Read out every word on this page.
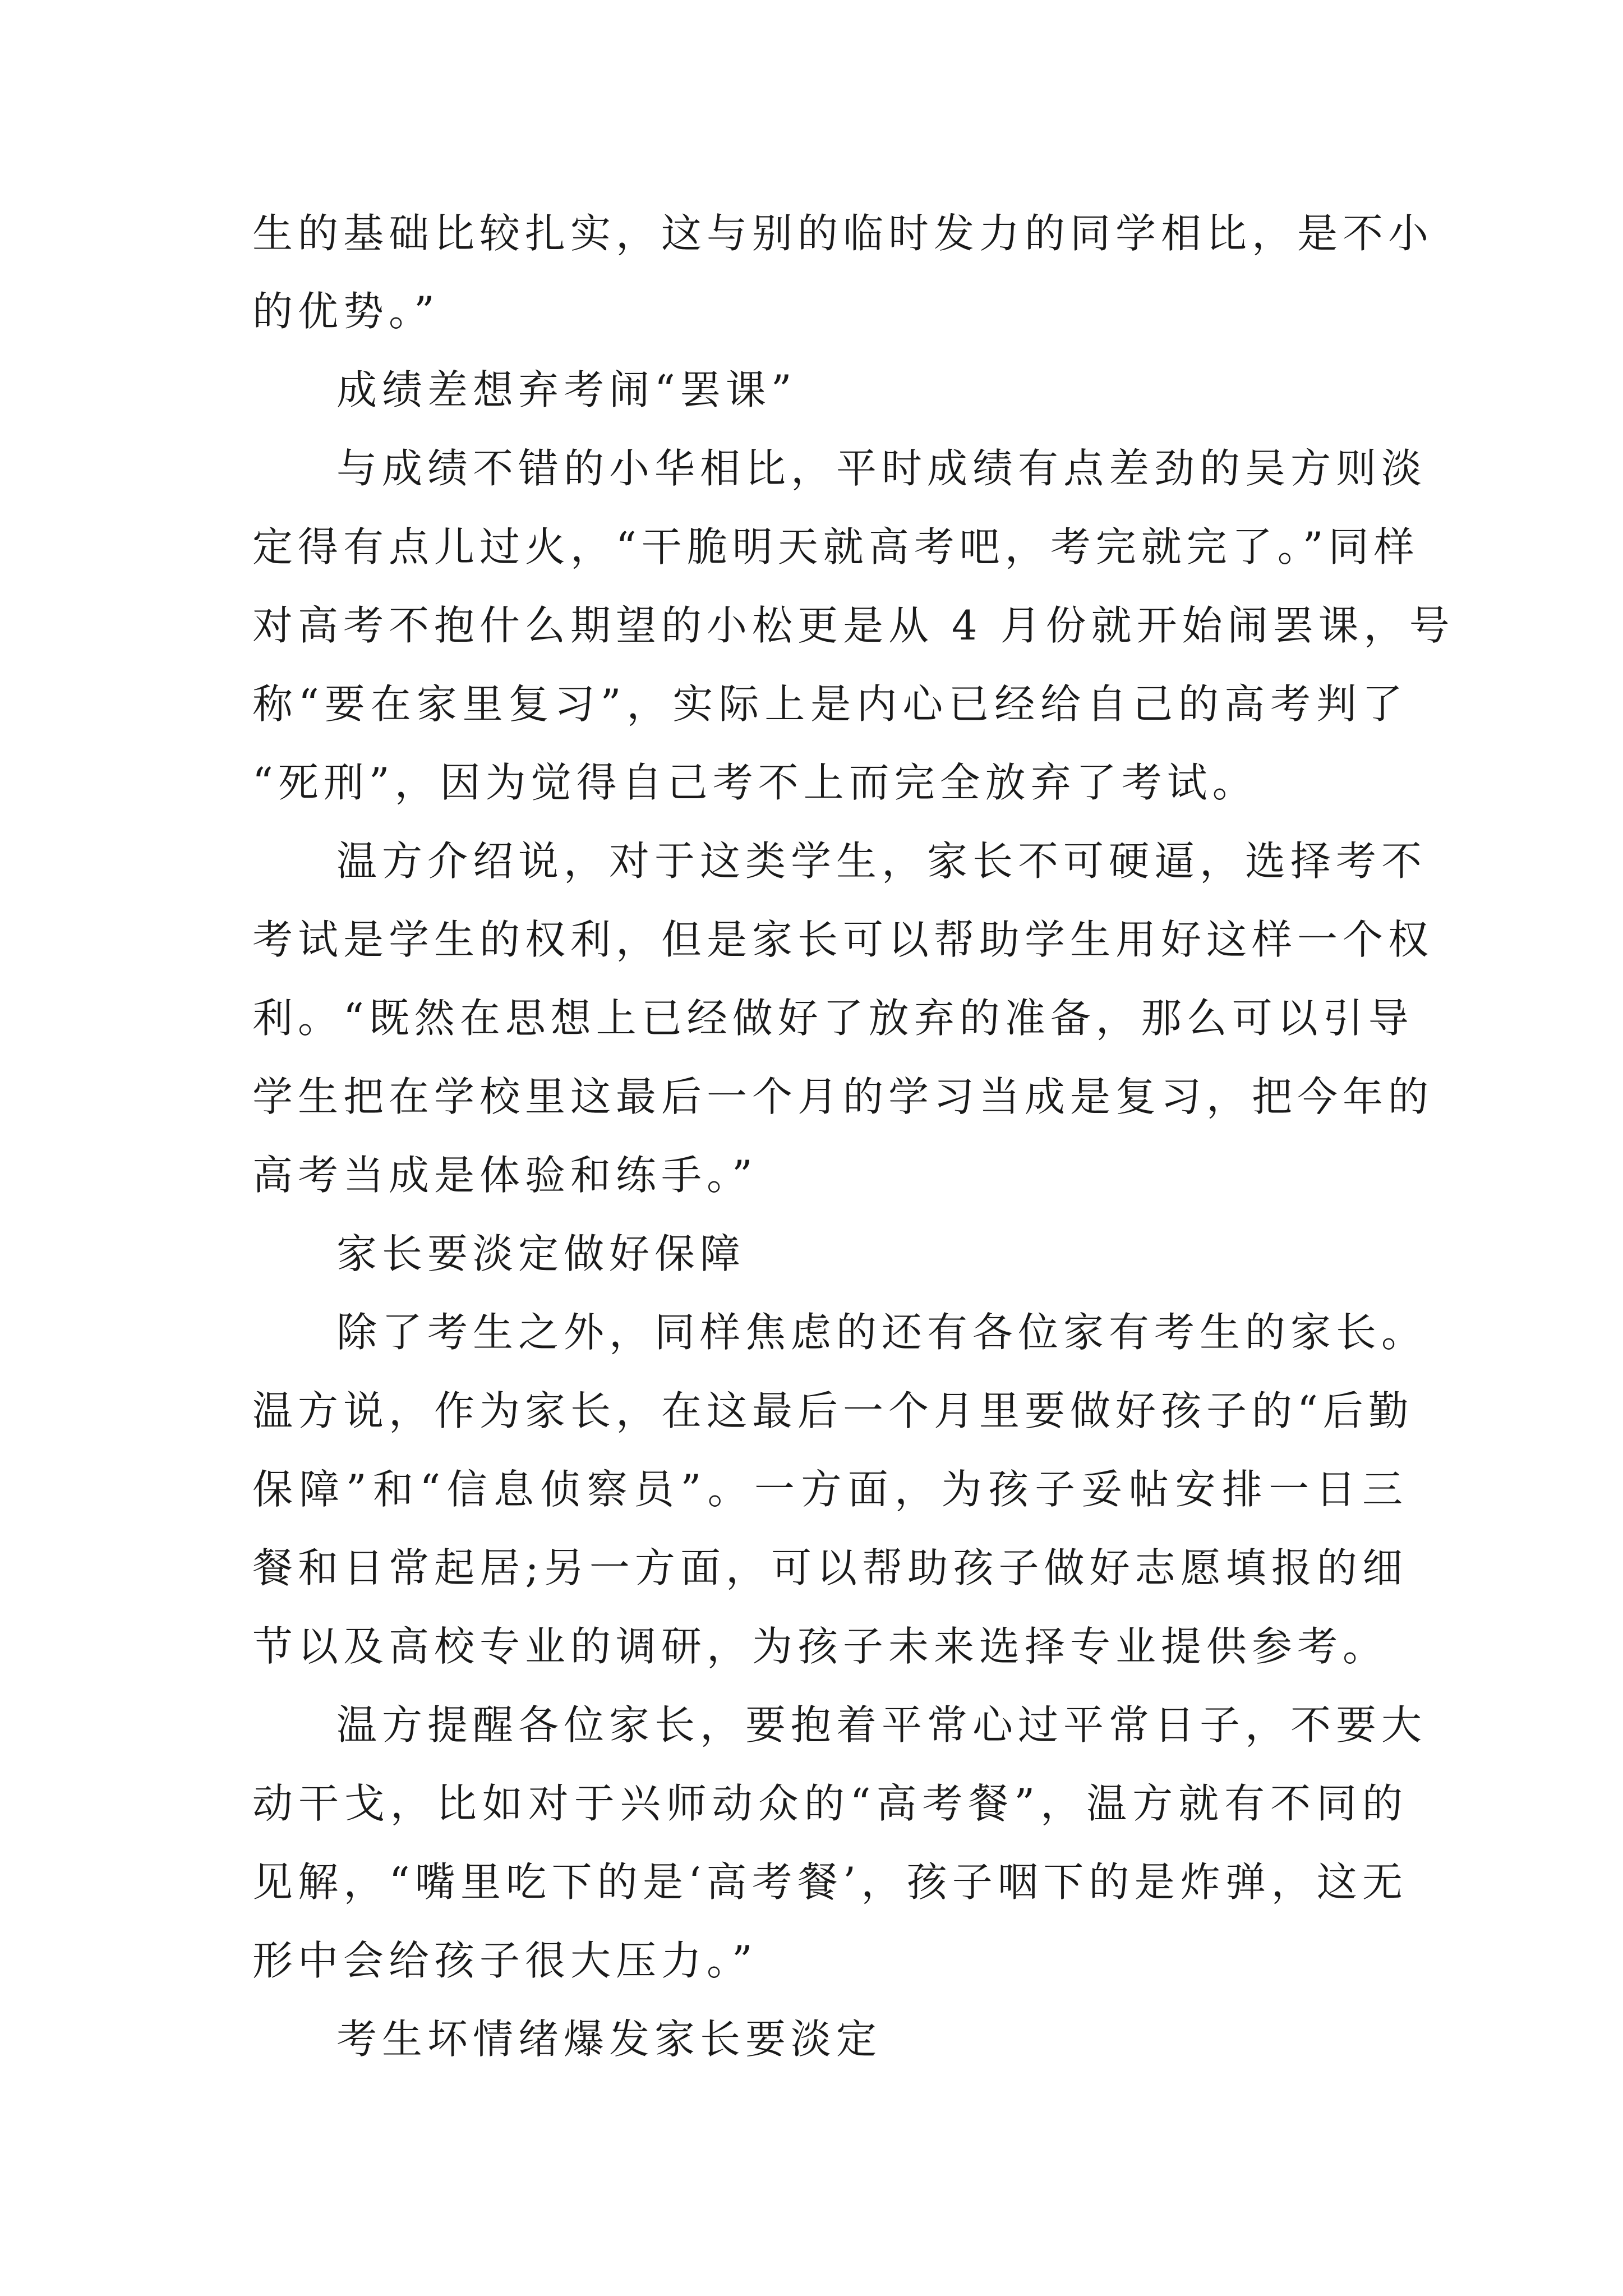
生的基础比较扎实，这与别的临时发力的同学相比，是不小
的优势。”
成绩差想弃考闹“罢课”
与成绩不错的小华相比，平时成绩有点差劲的吴方则淡
定得有点儿过火，“干脆明天就高考吧，考完就完了。”同样
对高考不抱什么期望的小松更是从 4 月份就开始闹罢课，号
称“要在家里复习”，实际上是内心已经给自己的高考判了
“死刑”，因为觉得自己考不上而完全放弃了考试。
温方介绍说，对于这类学生，家长不可硬逼，选择考不
考试是学生的权利，但是家长可以帮助学生用好这样一个权
利。“既然在思想上已经做好了放弃的准备，那么可以引导
学生把在学校里这最后一个月的学习当成是复习，把今年的
高考当成是体验和练手。”
家长要淡定做好保障
除了考生之外，同样焦虑的还有各位家有考生的家长。
温方说，作为家长，在这最后一个月里要做好孩子的“后勤
保障”和“信息侦察员”。一方面，为孩子妥帖安排一日三
餐和日常起居;另一方面，可以帮助孩子做好志愿填报的细
节以及高校专业的调研，为孩子未来选择专业提供参考。
温方提醒各位家长，要抱着平常心过平常日子，不要大
动干戈，比如对于兴师动众的“高考餐”，温方就有不同的
见解，“嘴里吃下的是‘高考餐’，孩子咽下的是炸弹，这无
形中会给孩子很大压力。”
考生坏情绪爆发家长要淡定
